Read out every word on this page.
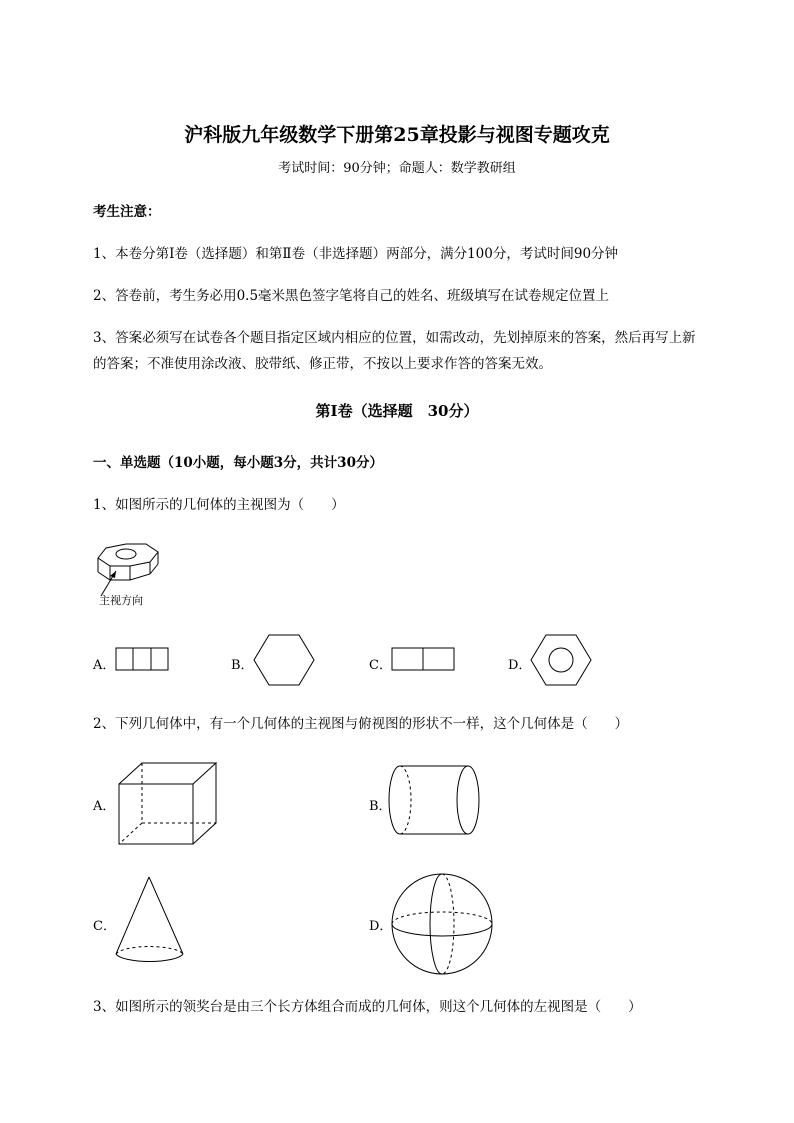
沪科版九年级数学下册第25章投影与视图专题攻克
考试时间：90分钟；命题人：数学教研组
考生注意：
1、本卷分第I卷（选择题）和第Ⅱ卷（非选择题）两部分，满分100分，考试时间90分钟
2、答卷前，考生务必用0.5毫米黑色签字笔将自己的姓名、班级填写在试卷规定位置上
3、答案必须写在试卷各个题目指定区域内相应的位置，如需改动，先划掉原来的答案，然后再写上新
的答案；不准使用涂改液、胶带纸、修正带，不按以上要求作答的答案无效。
第I卷（选择题　30分）
一、单选题（10小题，每小题3分，共计30分）
1、如图所示的几何体的主视图为（　　）
主视方向
A．	B．	C．	D．
2、下列几何体中，有一个几何体的主视图与俯视图的形状不一样，这个几何体是（　　）
A．	B．
C．	D．
3、如图所示的领奖台是由三个长方体组合而成的几何体，则这个几何体的左视图是（　　）
